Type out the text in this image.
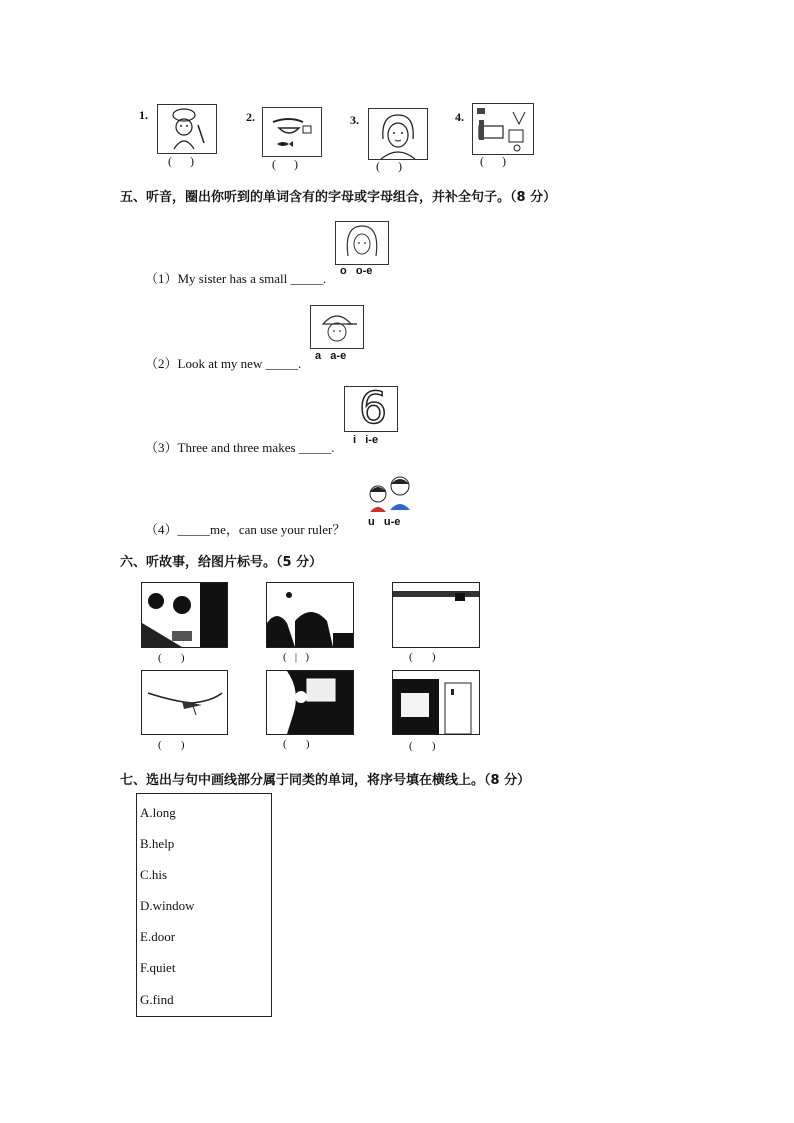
1.
(      )
2.
(      )
3.
(      )
4.
(      )
五、听音，圈出你听到的单词含有的字母或字母组合，并补全句子。（8 分）
o   o-e
（1）My sister has a small _____.
a   a-e
（2）Look at my new _____.
6
i   i-e
（3）Three and three makes _____.
u   u-e
（4）_____me，can use your ruler？
六、听故事，给图片标号。（5 分）
(       )	(   |   )	(       )
(       )	(       )	(       )
七、选出与句中画线部分属于同类的单词，将序号填在横线上。（8 分）
A.long
B.help
C.his
D.window
E.door
F.quiet
G.find
